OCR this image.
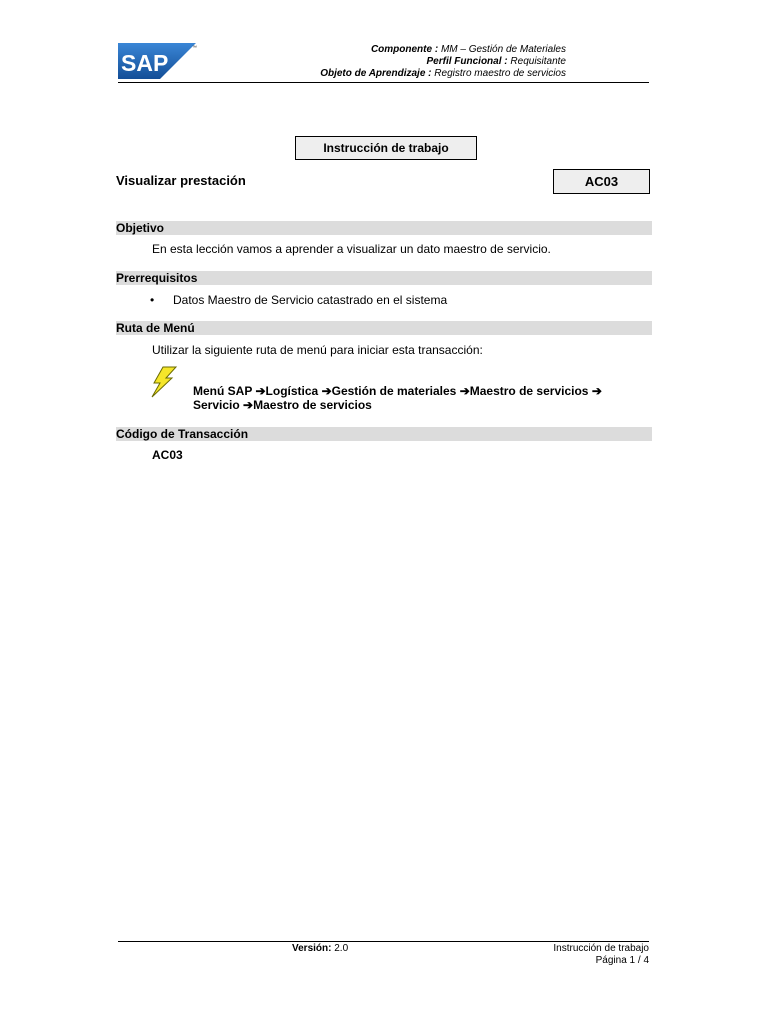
SAP
™	Componente : MM – Gestión de Materiales
Perfil Funcional : Requisitante
Objeto de Aprendizaje : Registro maestro de servicios
Instrucción de trabajo
Visualizar prestación	AC03
Objetivo
En esta lección vamos a aprender a visualizar un dato maestro de servicio.
Prerrequisitos
• Datos Maestro de Servicio catastrado en el sistema
Ruta de Menú
Utilizar la siguiente ruta de menú para iniciar esta transacción:
Menú SAP ➔Logística ➔Gestión de materiales ➔Maestro de servicios ➔
Servicio ➔Maestro de servicios
Código de Transacción
AC03
Versión: 2.0	Instrucción de trabajo
Página 1 / 4
